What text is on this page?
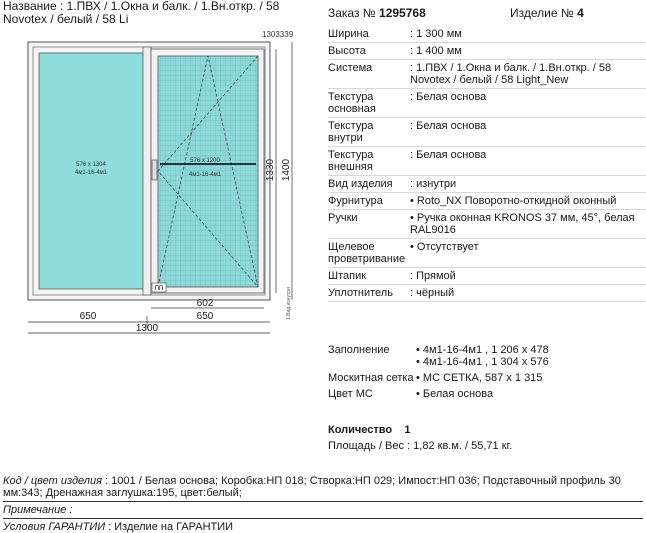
Название : 1.ПВХ / 1.Окна и балк. / 1.Вн.откр. / 58 Novotex / белый / 58 Li	Заказ № 1295768	Изделие № 4
Ширина	: 1 300 мм
Высота	: 1 400 мм
Система	: 1.ПВХ / 1.Окна и балк. / 1.Вн.откр. / 58 Novotex / белый / 58 Light_New
Текстура основная
: Белая основа
Текстура внутри
: Белая основа
Текстура внешняя
: Белая основа
Вид изделия	: изнутри
Фурнитура	• Roto_NX Поворотно-откидной оконный
Ручки	• Ручка оконная KRONOS 37 мм, 45°, белая RAL9016
Щелевое проветривание
• Отсутствует
Штапик	: Прямой
Уплотнитель	: чёрный
576 x 1304
4м1-16-4м1
576 x 1200
4м1-16-4м1
1303339
1330 1400
ПП
602
650	650
1300
1.Вид изнутри
Заполнение	• 4м1-16-4м1 , 1 206 x 478
• 4м1-16-4м1 , 1 304 x 576
Москитная сетка • МС СЕТКА, 587 x 1 315
Цвет МС	• Белая основа
Количество 1
Площадь / Вес : 1,82 кв.м. / 55,71 кг.
Код / цвет изделия : 1001 / Белая основа; Коробка:НП 018; Створка:НП 029; Импост:НП 036; Подставочный профиль 30 мм:343; Дренажная заглушка:195, цвет:белый;
Примечание :
Условия ГАРАНТИИ : Изделие на ГАРАНТИИ
